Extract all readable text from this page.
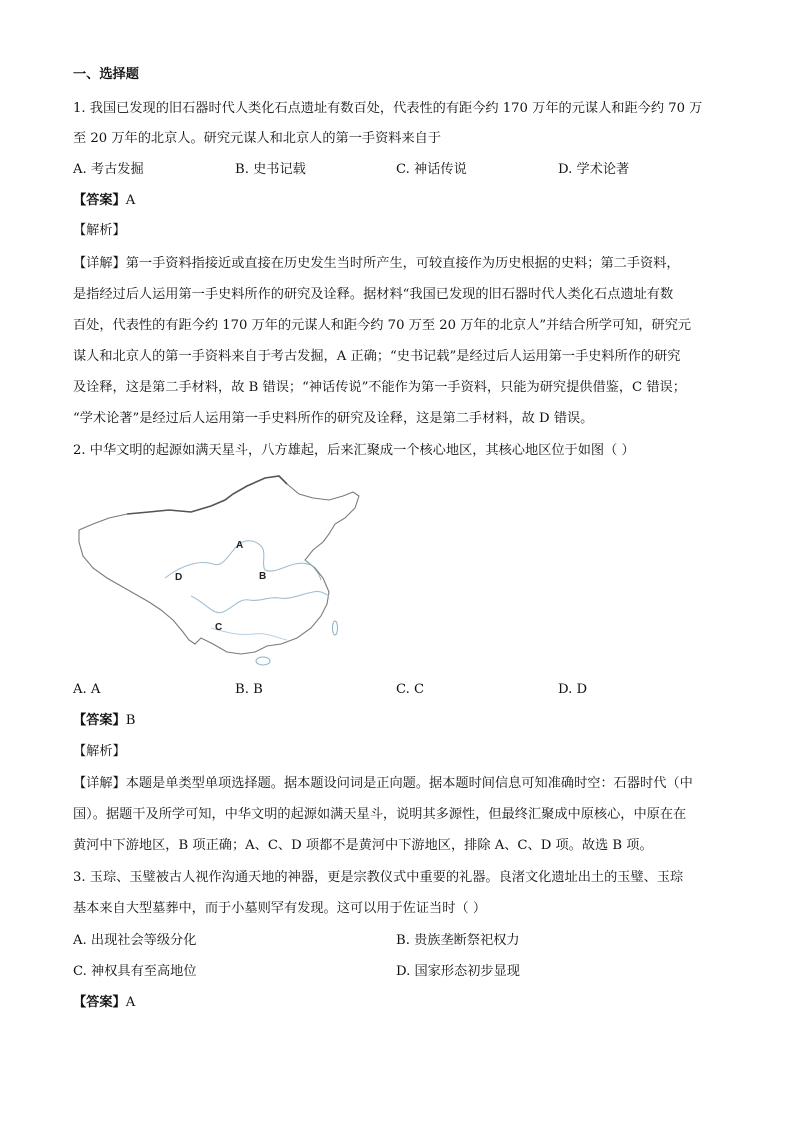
一、选择题
1. 我国已发现的旧石器时代人类化石点遗址有数百处，代表性的有距今约 170 万年的元谋人和距今约 70 万
至 20 万年的北京人。研究元谋人和北京人的第一手资料来自于
A. 考古发掘	B. 史书记载	C. 神话传说	D. 学术论著
【答案】A
【解析】
【详解】第一手资料指接近或直接在历史发生当时所产生，可较直接作为历史根据的史料；第二手资料，
是指经过后人运用第一手史料所作的研究及诠释。据材料“我国已发现的旧石器时代人类化石点遗址有数
百处，代表性的有距今约 170 万年的元谋人和距今约 70 万至 20 万年的北京人”并结合所学可知，研究元
谋人和北京人的第一手资料来自于考古发掘，A 正确；“史书记载”是经过后人运用第一手史料所作的研究
及诠释，这是第二手材料，故 B 错误；“神话传说”不能作为第一手资料，只能为研究提供借鉴，C 错误；
“学术论著”是经过后人运用第一手史料所作的研究及诠释，这是第二手材料，故 D 错误。
2. 中华文明的起源如满天星斗，八方雄起，后来汇聚成一个核心地区，其核心地区位于如图（ ）
A
B
C
D
A. A	B. B	C. C	D. D
【答案】B
【解析】
【详解】本题是单类型单项选择题。据本题设问词是正向题。据本题时间信息可知准确时空：石器时代（中
国）。据题干及所学可知，中华文明的起源如满天星斗，说明其多源性，但最终汇聚成中原核心，中原在在
黄河中下游地区，B 项正确；A、C、D 项都不是黄河中下游地区，排除 A、C、D 项。故选 B 项。
3. 玉琮、玉璧被古人视作沟通天地的神器，更是宗教仪式中重要的礼器。良渚文化遗址出土的玉璧、玉琮
基本来自大型墓葬中，而于小墓则罕有发现。这可以用于佐证当时（ ）
A. 出现社会等级分化	B. 贵族垄断祭祀权力
C. 神权具有至高地位	D. 国家形态初步显现
【答案】A
